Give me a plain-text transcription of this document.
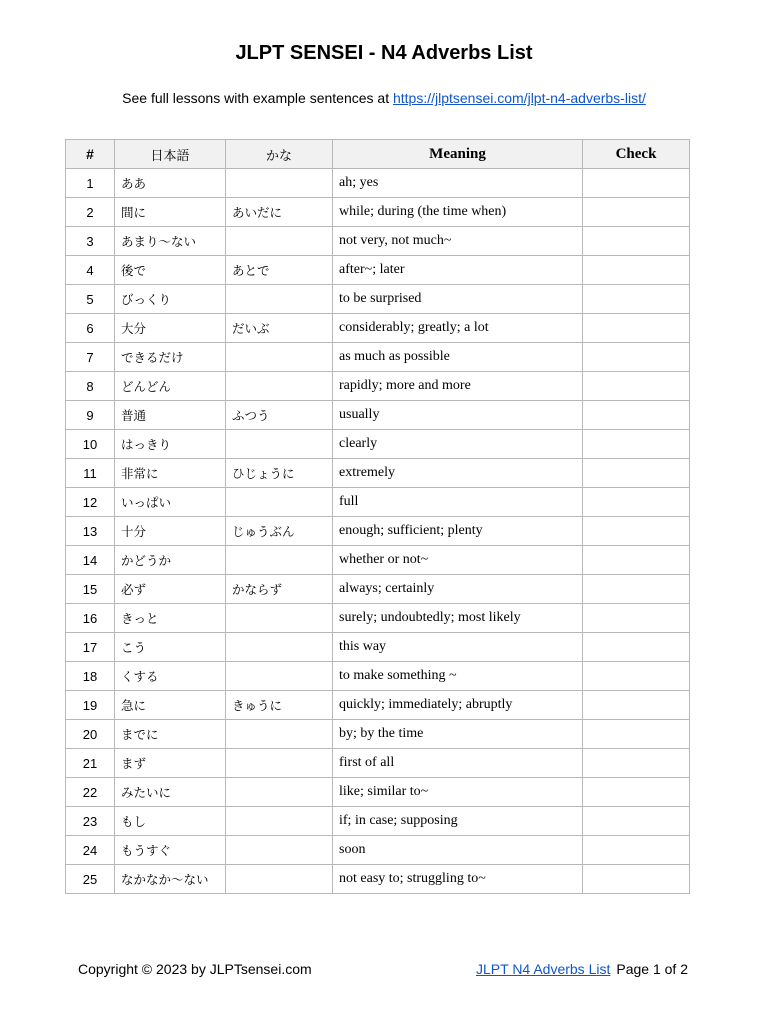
JLPT SENSEI - N4 Adverbs List
See full lessons with example sentences at https://jlptsensei.com/jlpt-n4-adverbs-list/
#	日本語	かな	Meaning	Check
1	ああ		ah; yes	
2	間に	あいだに	while; during (the time when)	
3	あまり〜ない		not very, not much~	
4	後で	あとで	after~; later	
5	びっくり		to be surprised	
6	大分	だいぶ	considerably; greatly; a lot	
7	できるだけ		as much as possible	
8	どんどん		rapidly; more and more	
9	普通	ふつう	usually	
10	はっきり		clearly	
11	非常に	ひじょうに	extremely	
12	いっぱい		full	
13	十分	じゅうぶん	enough; sufficient; plenty	
14	かどうか		whether or not~	
15	必ず	かならず	always; certainly	
16	きっと		surely; undoubtedly; most likely	
17	こう		this way	
18	くする		to make something ~	
19	急に	きゅうに	quickly; immediately; abruptly	
20	までに		by; by the time	
21	まず		first of all	
22	みたいに		like; similar to~	
23	もし		if; in case; supposing	
24	もうすぐ		soon	
25	なかなか〜ない		not easy to; struggling to~	
Copyright © 2023 by JLPTsensei.com	JLPT N4 Adverbs List Page 1 of 2
